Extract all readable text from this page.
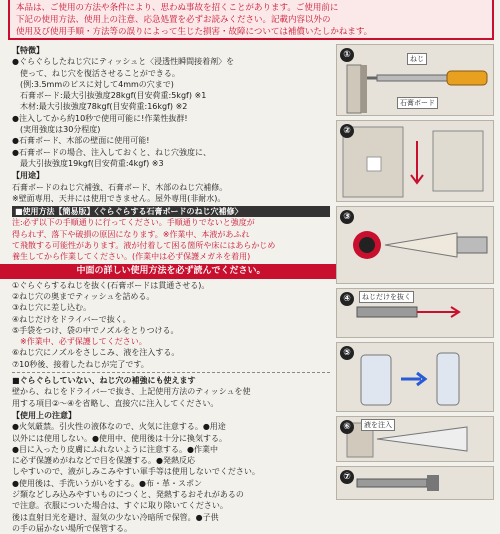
本品は、ご使用の方法や条件により、思わぬ事故を招くことがあります。ご使用前に
下記の使用方法、使用上の注意、応急処置を必ずお読みください。記載内容以外の
使用及び使用手順・方法等の誤りによって生じた損害・故障については補償いたしかねます。
【特徴】
●ぐらぐらしたねじ穴にティッシュと〈浸透性瞬間接着剤〉を
　使って、ねじ穴を復活させることができる。
　(例:3.5mmのビスに対して4mmの穴まで)
　石膏ボード:最大引抜強度28kgf(目安荷重:5kgf) ※1
　木材:最大引抜強度78kgf(目安荷重:16kgf) ※2
●注入してから約10秒で使用可能に!作業性抜群!
　(実用強度は30分程度)
●石膏ボード、木部の壁面に使用可能!
●石膏ボードの場合、注入しておくと、ねじ穴強度に、
　最大引抜強度19kgf(目安荷重:4kgf) ※3
【用途】
石膏ボードのねじ穴補強、石膏ボード、木部のねじ穴補修。
※壁面専用、天井には使用できません。屋外専用(非耐水)。
■使用方法【簡易版】〈ぐらぐらする石膏ボードのねじ穴補修〉
注:必ず以下の手順通りに行ってください。手順通りでないと強度が
得られず、落下や破損の原因になります。※作業中、本液があふれ
て飛散する可能性があります。液が付着して困る箇所や床にはあらかじめ
養生してから作業してください。(作業中は必ず保護メガネを着用)
中面の詳しい使用方法を必ず読んでください。
①ぐらぐらするねじを抜く(石膏ボードは貫通させる)。
②ねじ穴の奥までティッシュを詰める。
③ねじ穴に差し込む。
④ねじだけをドライバーで抜く。
⑤手袋をつけ、袋の中でノズルをとりつける。
　※作業中、必ず保護してください。
⑥ねじ穴にノズルをさしこみ、液を注入する。
⑦10秒後、接着したねじが完了です。
■ぐらぐらしていない、ねじ穴の補強にも使えます
壁から、ねじをドライバーで抜き、上記使用方法のティッシュを使
用する項目②〜④を省略し、直接穴に注入してください。
【使用上の注意】
●火気厳禁。引火性の液体なので、火気に注意する。●用途
以外には使用しない。●使用中、使用後は十分に換気する。
●目に入ったり皮膚にふれないように注意する。●作業中
に必ず保護めがねなどで目を保護する。●発熱反応
しやすいので、液がしみこみやすい軍手等は使用しないでください。
●使用後は、手洗いうがいをする。●布・革・スポン
ジ類などしみ込みやすいものにつくと、発熱するおそれがあるの
で注意。衣服についた場合は、すぐに取り除いてください。
後は直射日光を避け、湿気の少ない冷暗所で保管。●子供
の手の届かない場所で保管する。
①	ねじ
石膏ボード
②
③
④	ねじだけを抜く
⑤
⑥	液を注入
⑦
